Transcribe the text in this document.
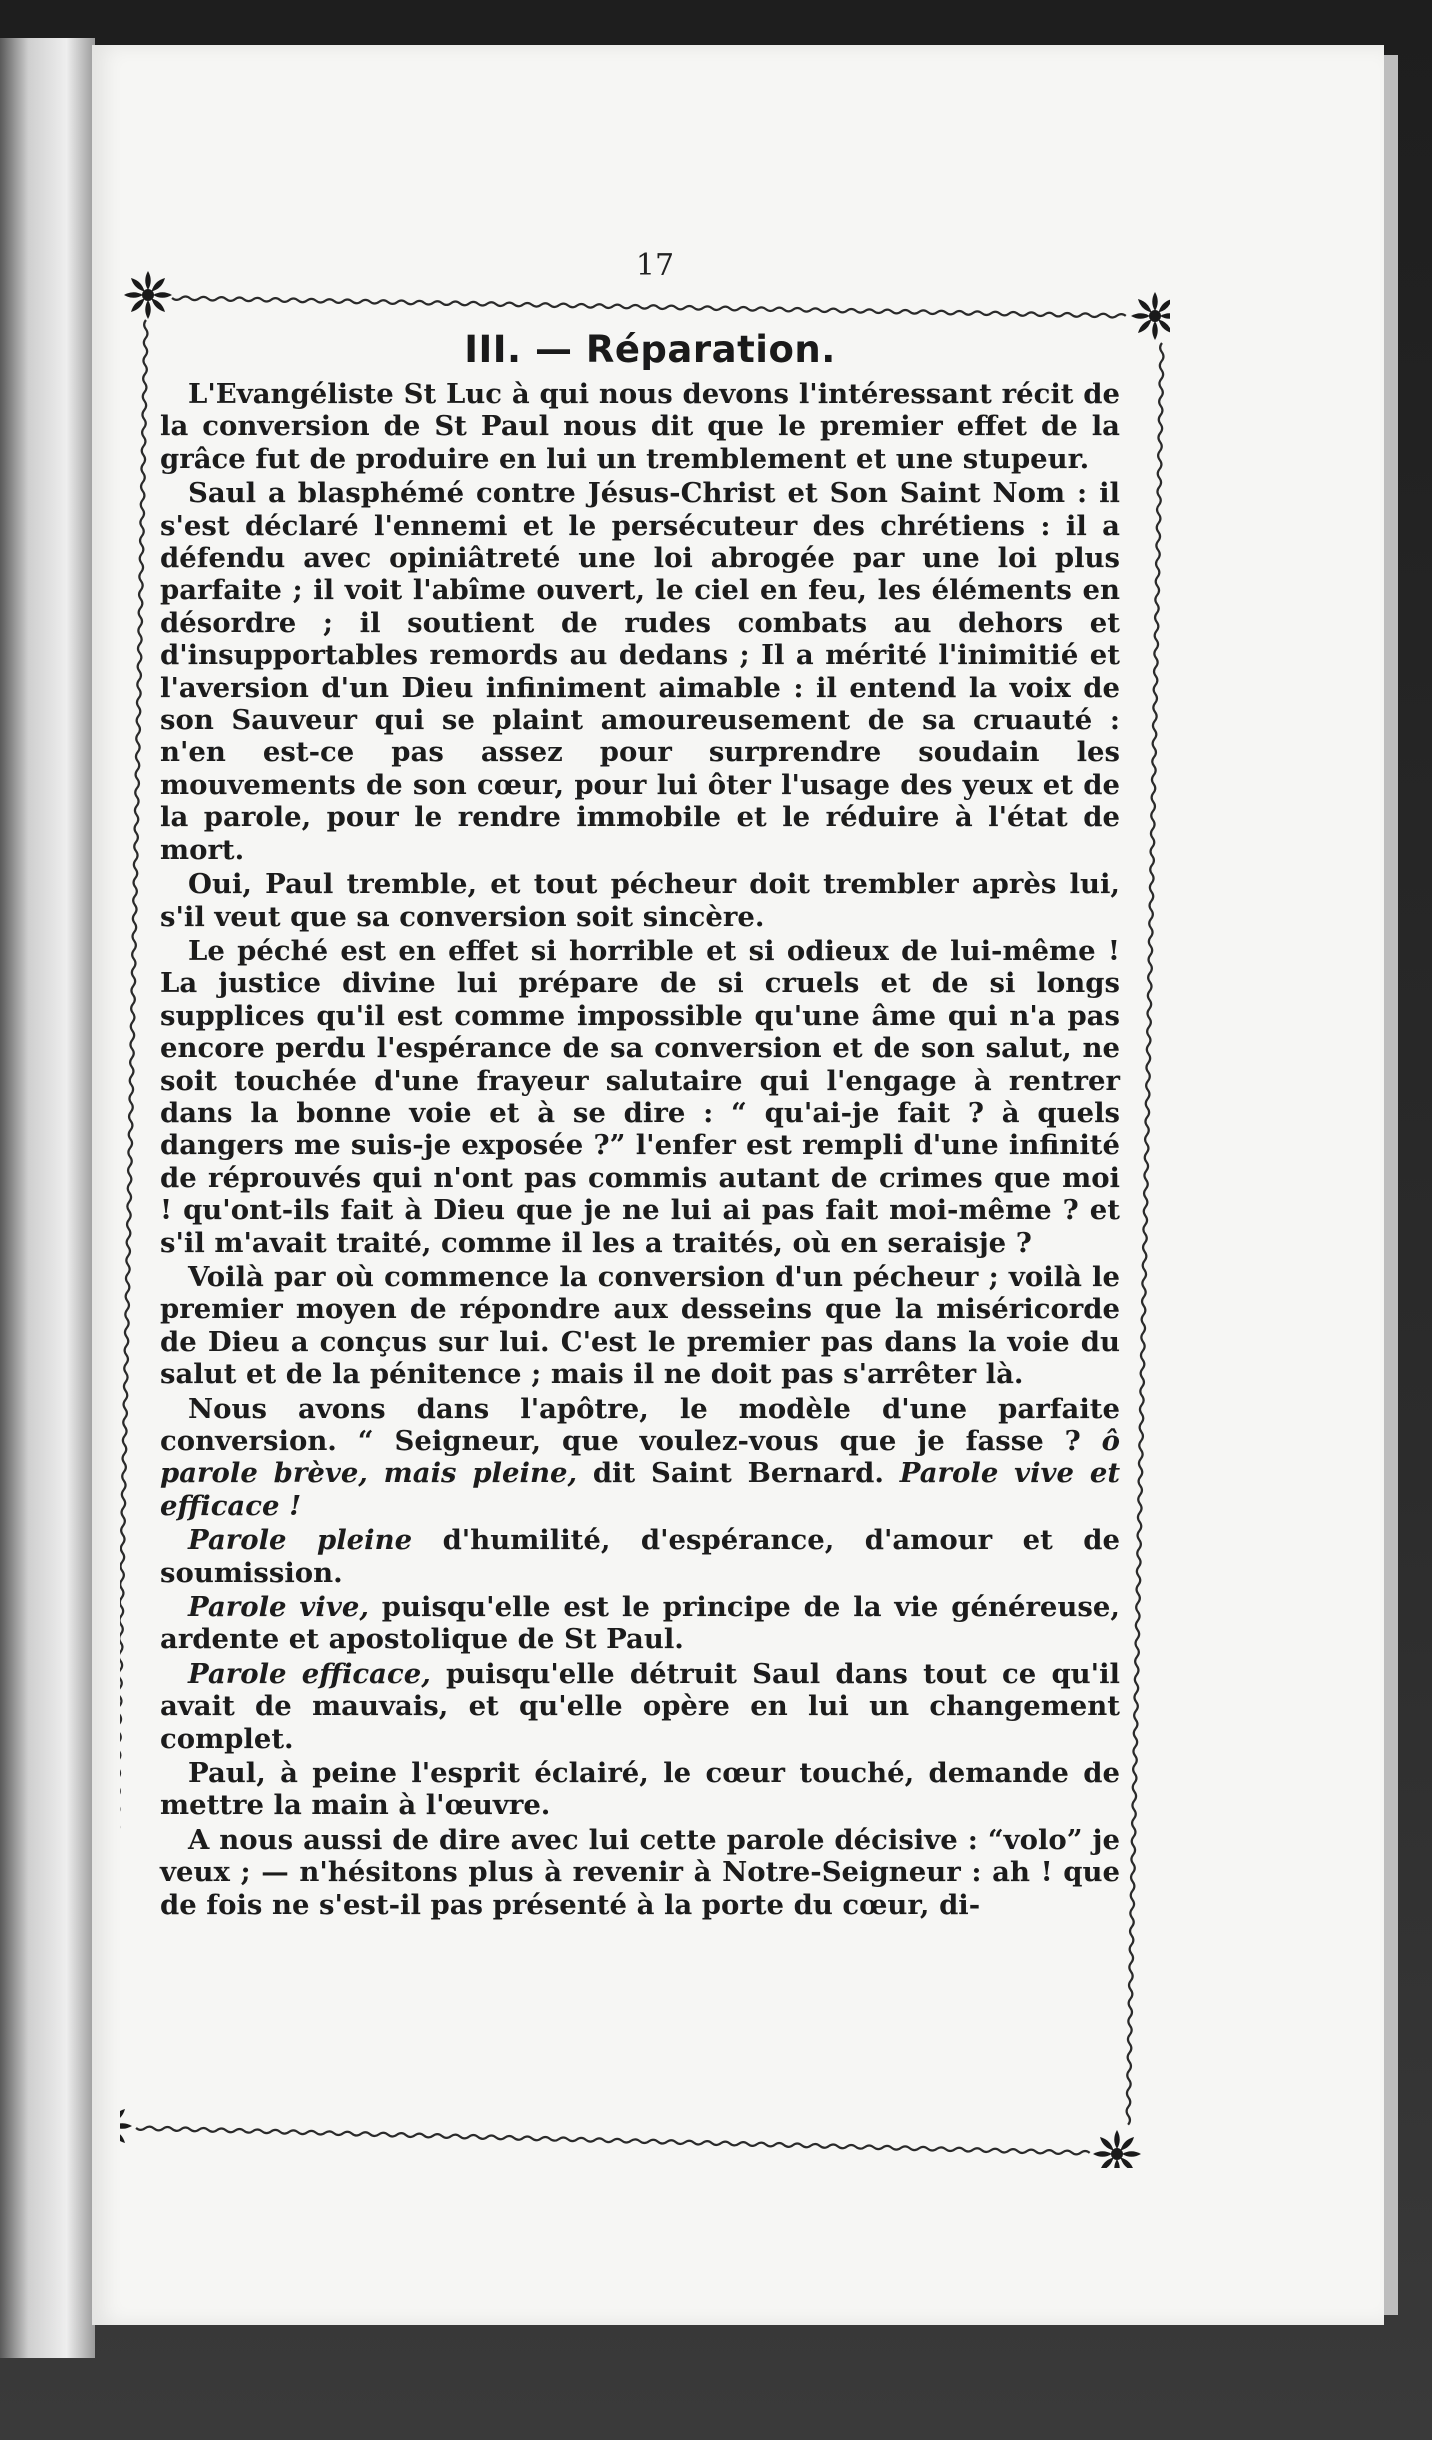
17
III. — Réparation.

L'Evangéliste St Luc à qui nous devons l'intéressant récit de la conversion de St Paul nous dit que le premier effet de la grâce fut de produire en lui un tremblement et une stupeur.

Saul a blasphémé contre Jésus-Christ et Son Saint Nom : il s'est déclaré l'ennemi et le persécuteur des chrétiens : il a défendu avec opiniâtreté une loi abrogée par une loi plus parfaite ; il voit l'abîme ouvert, le ciel en feu, les éléments en désordre ; il soutient de rudes combats au dehors et d'insupportables remords au dedans ; Il a mérité l'inimitié et l'aversion d'un Dieu infiniment aimable : il entend la voix de son Sauveur qui se plaint amoureusement de sa cruauté : n'en est-ce pas assez pour surprendre soudain les mouvements de son cœur, pour lui ôter l'usage des yeux et de la parole, pour le rendre immobile et le réduire à l'état de mort.

Oui, Paul tremble, et tout pécheur doit trembler après lui, s'il veut que sa conversion soit sincère.

Le péché est en effet si horrible et si odieux de lui-même ! La justice divine lui prépare de si cruels et de si longs supplices qu'il est comme impossible qu'une âme qui n'a pas encore perdu l'espérance de sa conversion et de son salut, ne soit touchée d'une frayeur salutaire qui l'engage à rentrer dans la bonne voie et à se dire : “ qu'ai-je fait ? à quels dangers me suis-je exposée ?” l'enfer est rempli d'une infinité de réprouvés qui n'ont pas commis autant de crimes que moi ! qu'ont-ils fait à Dieu que je ne lui ai pas fait moi-même ? et s'il m'avait traité, comme il les a traités, où en seraisje ?

Voilà par où commence la conversion d'un pécheur ; voilà le premier moyen de répondre aux desseins que la miséricorde de Dieu a conçus sur lui. C'est le premier pas dans la voie du salut et de la pénitence ; mais il ne doit pas s'arrêter là.

Nous avons dans l'apôtre, le modèle d'une parfaite conversion. “ Seigneur, que voulez-vous que je fasse ? ô parole brève, mais pleine, dit Saint Bernard. Parole vive et efficace !

Parole pleine d'humilité, d'espérance, d'amour et de soumission.

Parole vive, puisqu'elle est le principe de la vie généreuse, ardente et apostolique de St Paul.

Parole efficace, puisqu'elle détruit Saul dans tout ce qu'il avait de mauvais, et qu'elle opère en lui un changement complet.

Paul, à peine l'esprit éclairé, le cœur touché, demande de mettre la main à l'œuvre.

A nous aussi de dire avec lui cette parole décisive : “volo” je veux ; — n'hésitons plus à revenir à Notre-Seigneur : ah ! que de fois ne s'est-il pas présenté à la porte du cœur, di-
